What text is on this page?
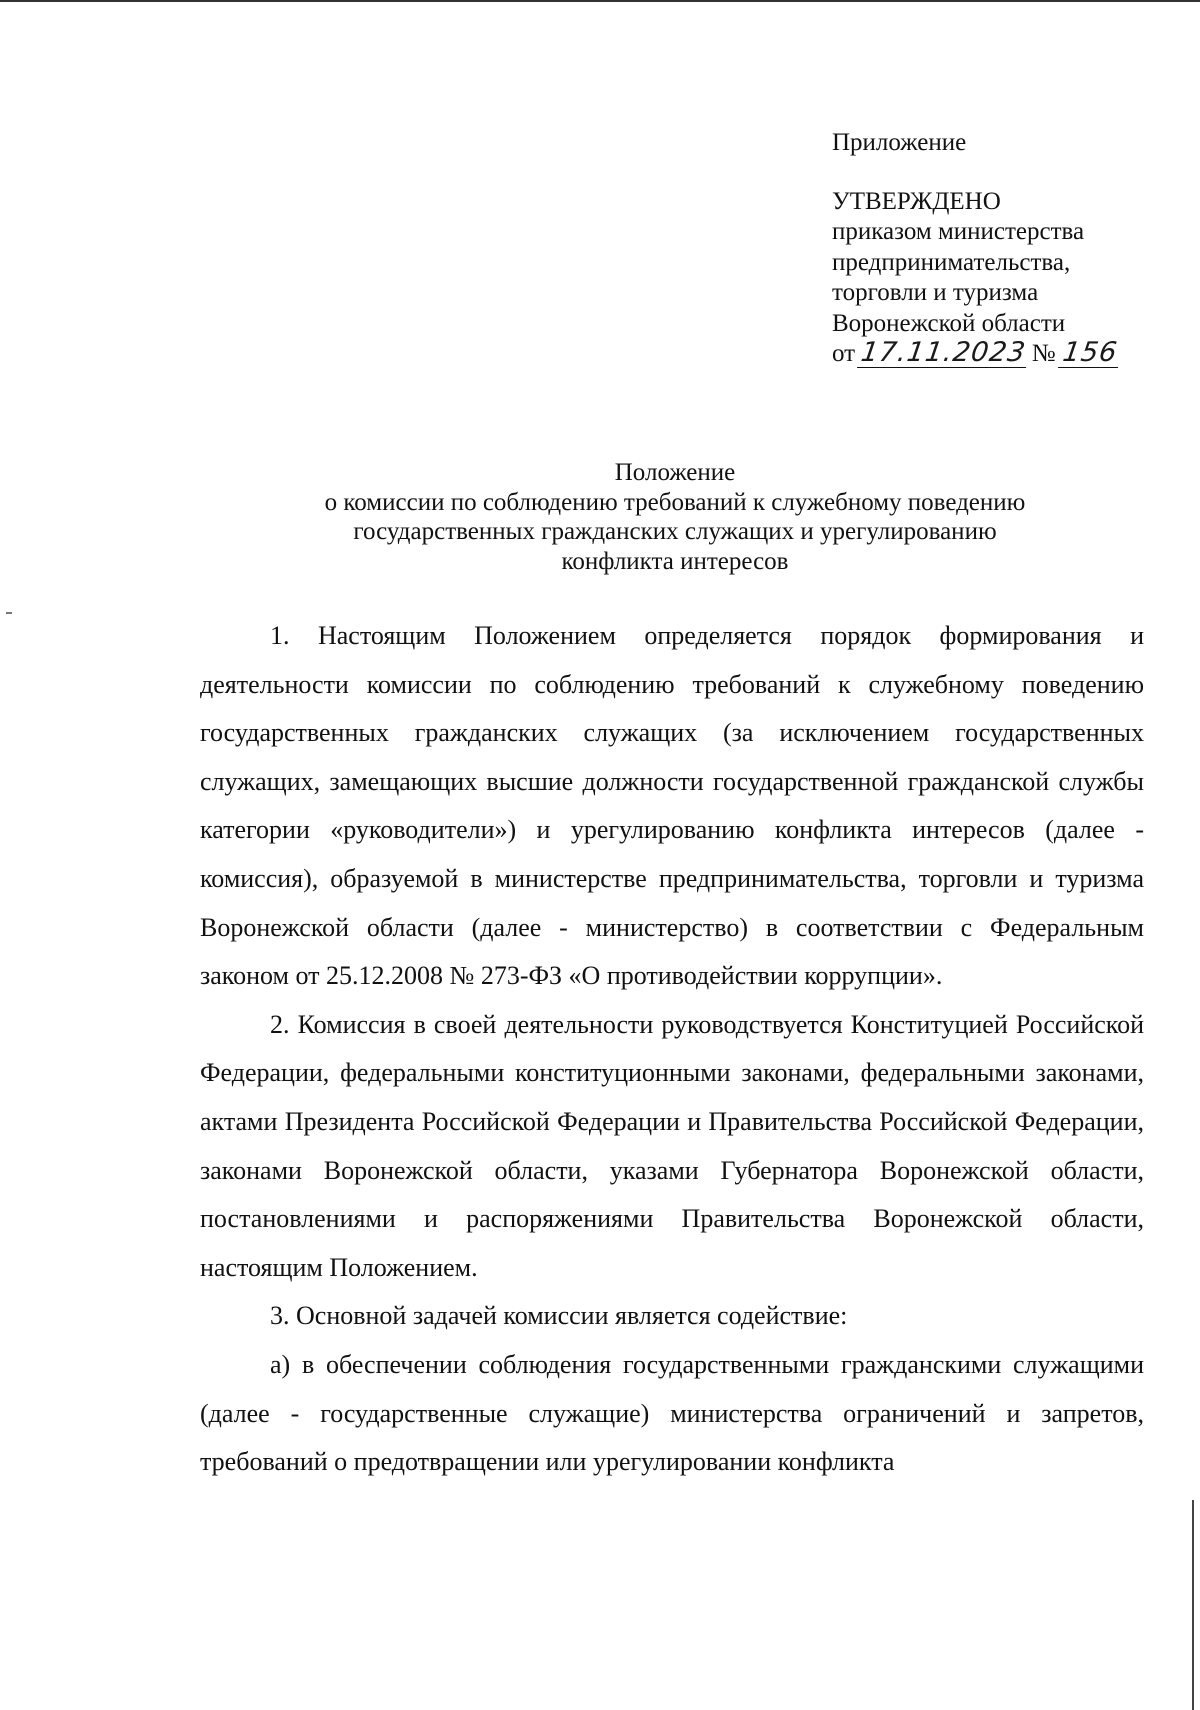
Приложение
УТВЕРЖДЕНО
приказом министерства
предпринимательства,
торговли и туризма
Воронежской области
от 17.11.2023 № 156
Положение
о комиссии по соблюдению требований к служебному поведению
государственных гражданских служащих и урегулированию
конфликта интересов

1. Настоящим Положением определяется порядок формирования и деятельности комиссии по соблюдению требований к служебному поведению государственных гражданских служащих (за исключением государственных служащих, замещающих высшие должности государственной гражданской службы категории «руководители») и урегулированию конфликта интересов (далее - комиссия), образуемой в министерстве предпринимательства, торговли и туризма Воронежской области (далее - министерство) в соответствии с Федеральным законом от 25.12.2008 № 273-ФЗ «О противодействии коррупции».

2. Комиссия в своей деятельности руководствуется Конституцией Российской Федерации, федеральными конституционными законами, федеральными законами, актами Президента Российской Федерации и Правительства Российской Федерации, законами Воронежской области, указами Губернатора Воронежской области, постановлениями и распоряжениями Правительства Воронежской области, настоящим Положением.

3. Основной задачей комиссии является содействие:

а) в обеспечении соблюдения государственными гражданскими служащими (далее - государственные служащие) министерства ограничений и запретов, требований о предотвращении или урегулировании конфликта
